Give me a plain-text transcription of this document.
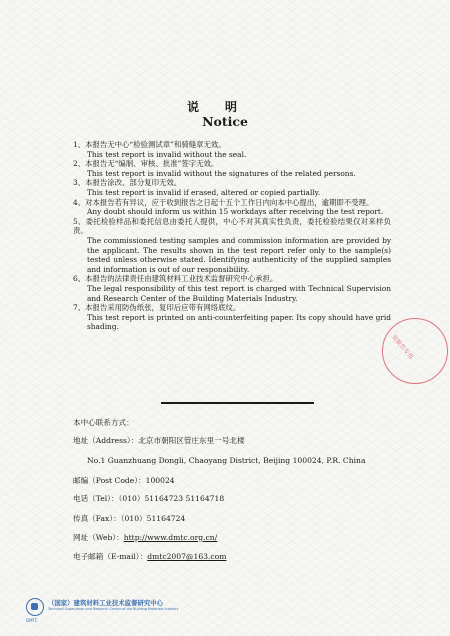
说明
Notice
1、本报告无中心“检验测试章”和骑缝章无效。
This test report is invalid without the seal.
2、本报告无“编制、审核、批准”签字无效。
This test report is invalid without the signatures of the related persons.
3、本报告涂改、部分复印无效。
This test report is invalid if erased, altered or copied partially.
4、对本报告若有异议，应于收到报告之日起十五个工作日内向本中心提出，逾期即不受理。
Any doubt should inform us within 15 workdays after receiving the test report.
5、委托检验样品和委托信息由委托人提供，中心不对其真实性负责，委托检验结果仅对来样负责。
The commissioned testing samples and commission information are provided by the applicant. The results shown in the test report refer only to the sample(s) tested unless otherwise stated. Identifying authenticity of the supplied samples and information is out of our responsibility.
6、本报告的法律责任由建筑材料工业技术监督研究中心承担。
The legal responsibility of this test report is charged with Technical Supervision and Research Center of the Building Materials Industry.
7、本报告采用防伪纸张，复印后应带有网络底纹。
This test report is printed on anti-counterfeiting paper. Its copy should have grid shading.
本中心联系方式：
地址（Address）：北京市朝阳区管庄东里一号北楼
No.1 Guanzhuang Dongli, Chaoyang District, Beijing 100024, P.R. China
邮编（Post Code）：100024
电话（Tel）：（010）51164723 51164718
传真（Fax）：（010）51164724
网址（Web）：http://www.dmtc.org.cn/
电子邮箱（E-mail）：dmtc2007@163.com
发报告专用
DMTC
（国家）建筑材料工业技术监督研究中心
Technical Supervision and Research Center of the Building Materials Industry
